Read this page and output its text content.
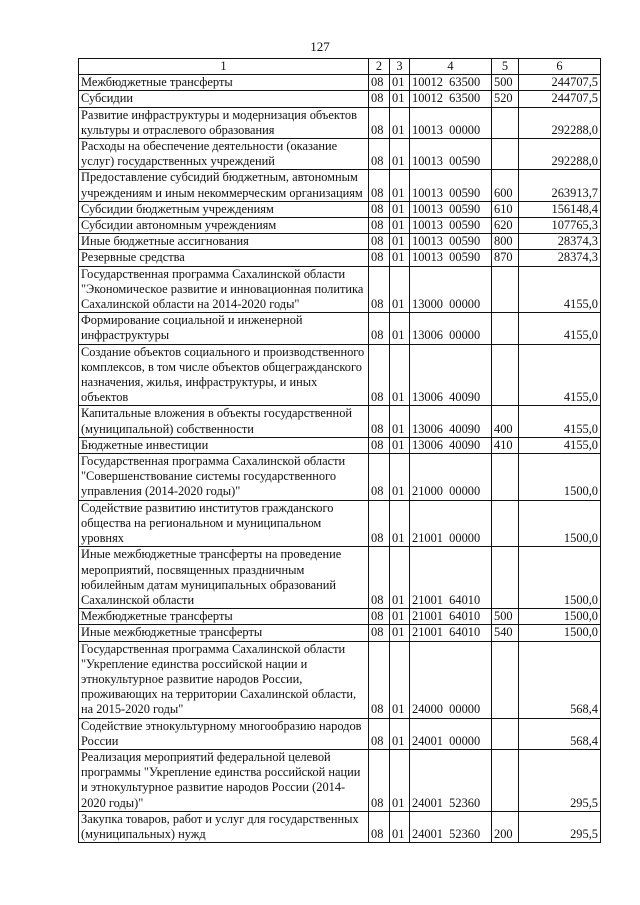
127
1	2	3	4	5	6
Межбюджетные трансферты	08	01	10012  63500	500	244707,5
Субсидии	08	01	10012  63500	520	244707,5
Развитие инфраструктуры и модернизация объектов культуры и отраслевого образования	08	01	10013  00000		292288,0
Расходы на обеспечение деятельности (оказание услуг) государственных учреждений	08	01	10013  00590		292288,0
Предоставление субсидий бюджетным, автономным учреждениям и иным некоммерческим организациям	08	01	10013  00590	600	263913,7
Субсидии бюджетным учреждениям	08	01	10013  00590	610	156148,4
Субсидии автономным учреждениям	08	01	10013  00590	620	107765,3
Иные бюджетные ассигнования	08	01	10013  00590	800	28374,3
Резервные средства	08	01	10013  00590	870	28374,3
Государственная программа Сахалинской области "Экономическое развитие и инновационная политика Сахалинской области на 2014-2020 годы"	08	01	13000  00000		4155,0
Формирование социальной и инженерной инфраструктуры	08	01	13006  00000		4155,0
Создание объектов социального и производственного комплексов, в том числе объектов общегражданского назначения, жилья, инфраструктуры, и иных объектов	08	01	13006  40090		4155,0
Капитальные вложения в объекты государственной (муниципальной) собственности	08	01	13006  40090	400	4155,0
Бюджетные инвестиции	08	01	13006  40090	410	4155,0
Государственная программа Сахалинской области "Совершенствование системы государственного управления (2014-2020 годы)"	08	01	21000  00000		1500,0
Содействие развитию институтов гражданского общества на региональном и муниципальном уровнях	08	01	21001  00000		1500,0
Иные межбюджетные трансферты на проведение мероприятий, посвященных праздничным юбилейным датам муниципальных образований Сахалинской области	08	01	21001  64010		1500,0
Межбюджетные трансферты	08	01	21001  64010	500	1500,0
Иные межбюджетные трансферты	08	01	21001  64010	540	1500,0
Государственная программа Сахалинской области "Укрепление единства российской нации и этнокультурное развитие народов России, проживающих на территории Сахалинской области, на 2015-2020 годы"	08	01	24000  00000		568,4
Содействие этнокультурному многообразию народов России	08	01	24001  00000		568,4
Реализация мероприятий федеральной целевой программы "Укрепление единства российской нации и этнокультурное развитие народов России (2014-2020 годы)"	08	01	24001  52360		295,5
Закупка товаров, работ и услуг для государственных (муниципальных) нужд	08	01	24001  52360	200	295,5
